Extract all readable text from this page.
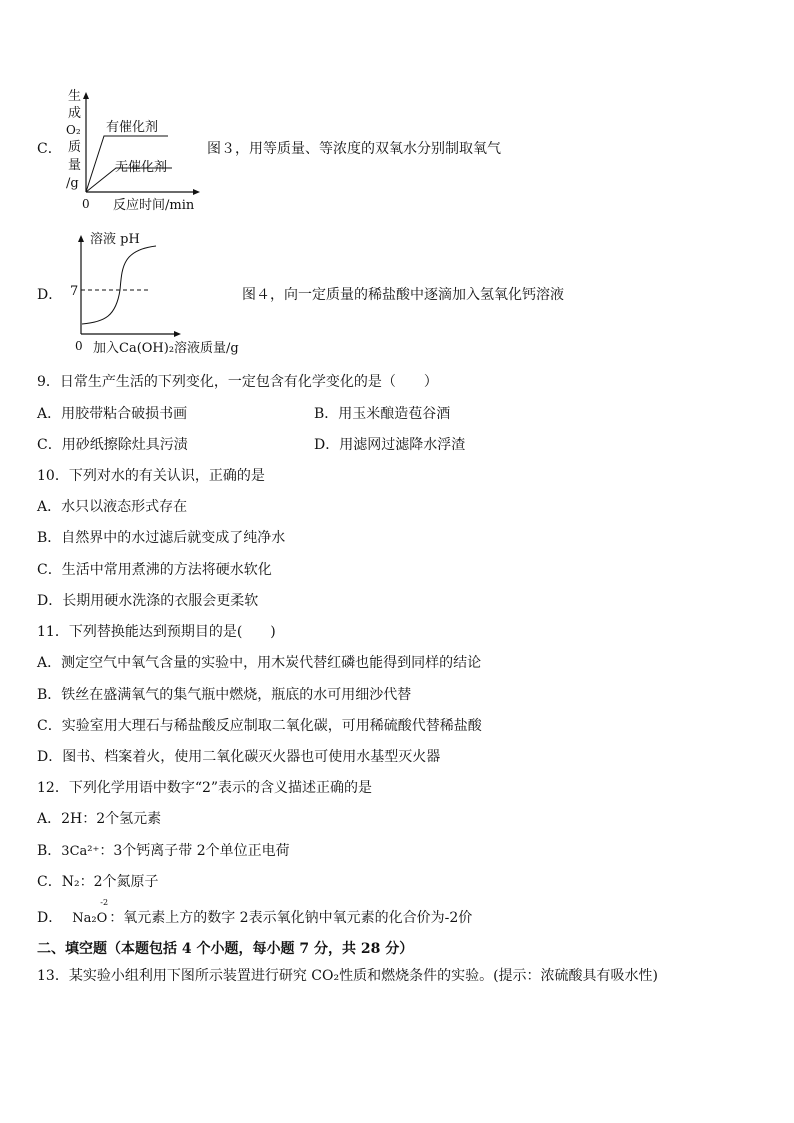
C．
生
成
O₂
质
量
/g
有催化剂
无催化剂
0 反应时间/min
图３，用等质量、等浓度的双氧水分别制取氧气
D．
溶液 pH
7
0 加入Ca(OH)₂溶液质量/g
图４，向一定质量的稀盐酸中逐滴加入氢氧化钙溶液
9．日常生产生活的下列变化，一定包含有化学变化的是（　　）
A．用胶带粘合破损书画	B．用玉米酿造苞谷酒
C．用砂纸擦除灶具污渍	D．用滤网过滤降水浮渣
10．下列对水的有关认识，正确的是
A．水只以液态形式存在
B．自然界中的水过滤后就变成了纯净水
C．生活中常用煮沸的方法将硬水软化
D．长期用硬水洗涤的衣服会更柔软
11．下列替换能达到预期目的是(　　)
A．测定空气中氧气含量的实验中，用木炭代替红磷也能得到同样的结论
B．铁丝在盛满氧气的集气瓶中燃烧，瓶底的水可用细沙代替
C．实验室用大理石与稀盐酸反应制取二氧化碳，可用稀硫酸代替稀盐酸
D．图书、档案着火，使用二氧化碳灭火器也可使用水基型灭火器
12．下列化学用语中数字“2”表示的含义描述正确的是
A．2H：2个氢元素
B．3Ca²⁺：3个钙离子带 2个单位正电荷
C．N₂：2个氮原子
D．
-2
Na₂O ：氧元素上方的数字 2表示氧化钠中氧元素的化合价为-2价
二、填空题（本题包括 4 个小题，每小题 7 分，共 28 分）
13．某实验小组利用下图所示装置进行研究 CO₂性质和燃烧条件的实验。(提示：浓硫酸具有吸水性)
